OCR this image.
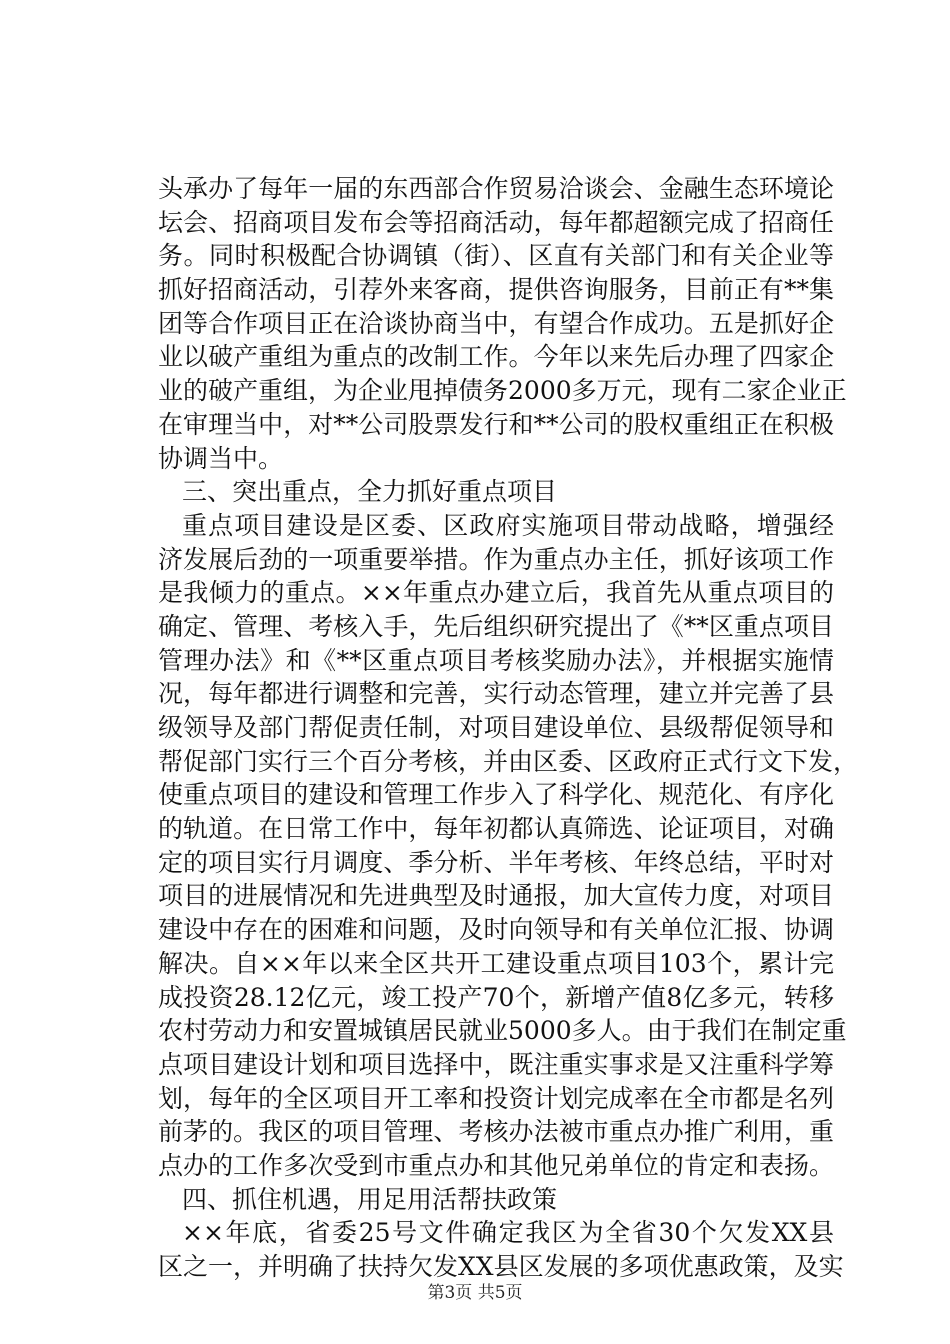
头承办了每年一届的东西部合作贸易洽谈会、金融生态环境论
坛会、招商项目发布会等招商活动，每年都超额完成了招商任
务。同时积极配合协调镇（街）、区直有关部门和有关企业等
抓好招商活动，引荐外来客商，提供咨询服务，目前正有**集
团等合作项目正在洽谈协商当中，有望合作成功。五是抓好企
业以破产重组为重点的改制工作。今年以来先后办理了四家企
业的破产重组，为企业甩掉债务2000多万元，现有二家企业正
在审理当中，对**公司股票发行和**公司的股权重组正在积极
协调当中。
三、突出重点，全力抓好重点项目
重点项目建设是区委、区政府实施项目带动战略，增强经
济发展后劲的一项重要举措。作为重点办主任，抓好该项工作
是我倾力的重点。××年重点办建立后，我首先从重点项目的
确定、管理、考核入手，先后组织研究提出了《**区重点项目
管理办法》和《**区重点项目考核奖励办法》，并根据实施情
况，每年都进行调整和完善，实行动态管理，建立并完善了县
级领导及部门帮促责任制，对项目建设单位、县级帮促领导和
帮促部门实行三个百分考核，并由区委、区政府正式行文下发，
使重点项目的建设和管理工作步入了科学化、规范化、有序化
的轨道。在日常工作中，每年初都认真筛选、论证项目，对确
定的项目实行月调度、季分析、半年考核、年终总结，平时对
项目的进展情况和先进典型及时通报，加大宣传力度，对项目
建设中存在的困难和问题，及时向领导和有关单位汇报、协调
解决。自××年以来全区共开工建设重点项目103个，累计完
成投资28.12亿元，竣工投产70个，新增产值8亿多元，转移
农村劳动力和安置城镇居民就业5000多人。由于我们在制定重
点项目建设计划和项目选择中，既注重实事求是又注重科学筹
划，每年的全区项目开工率和投资计划完成率在全市都是名列
前茅的。我区的项目管理、考核办法被市重点办推广利用，重
点办的工作多次受到市重点办和其他兄弟单位的肯定和表扬。
四、抓住机遇，用足用活帮扶政策
××年底，省委25号文件确定我区为全省30个欠发XX县
区之一，并明确了扶持欠发XX县区发展的多项优惠政策，及实
第3页 共5页
